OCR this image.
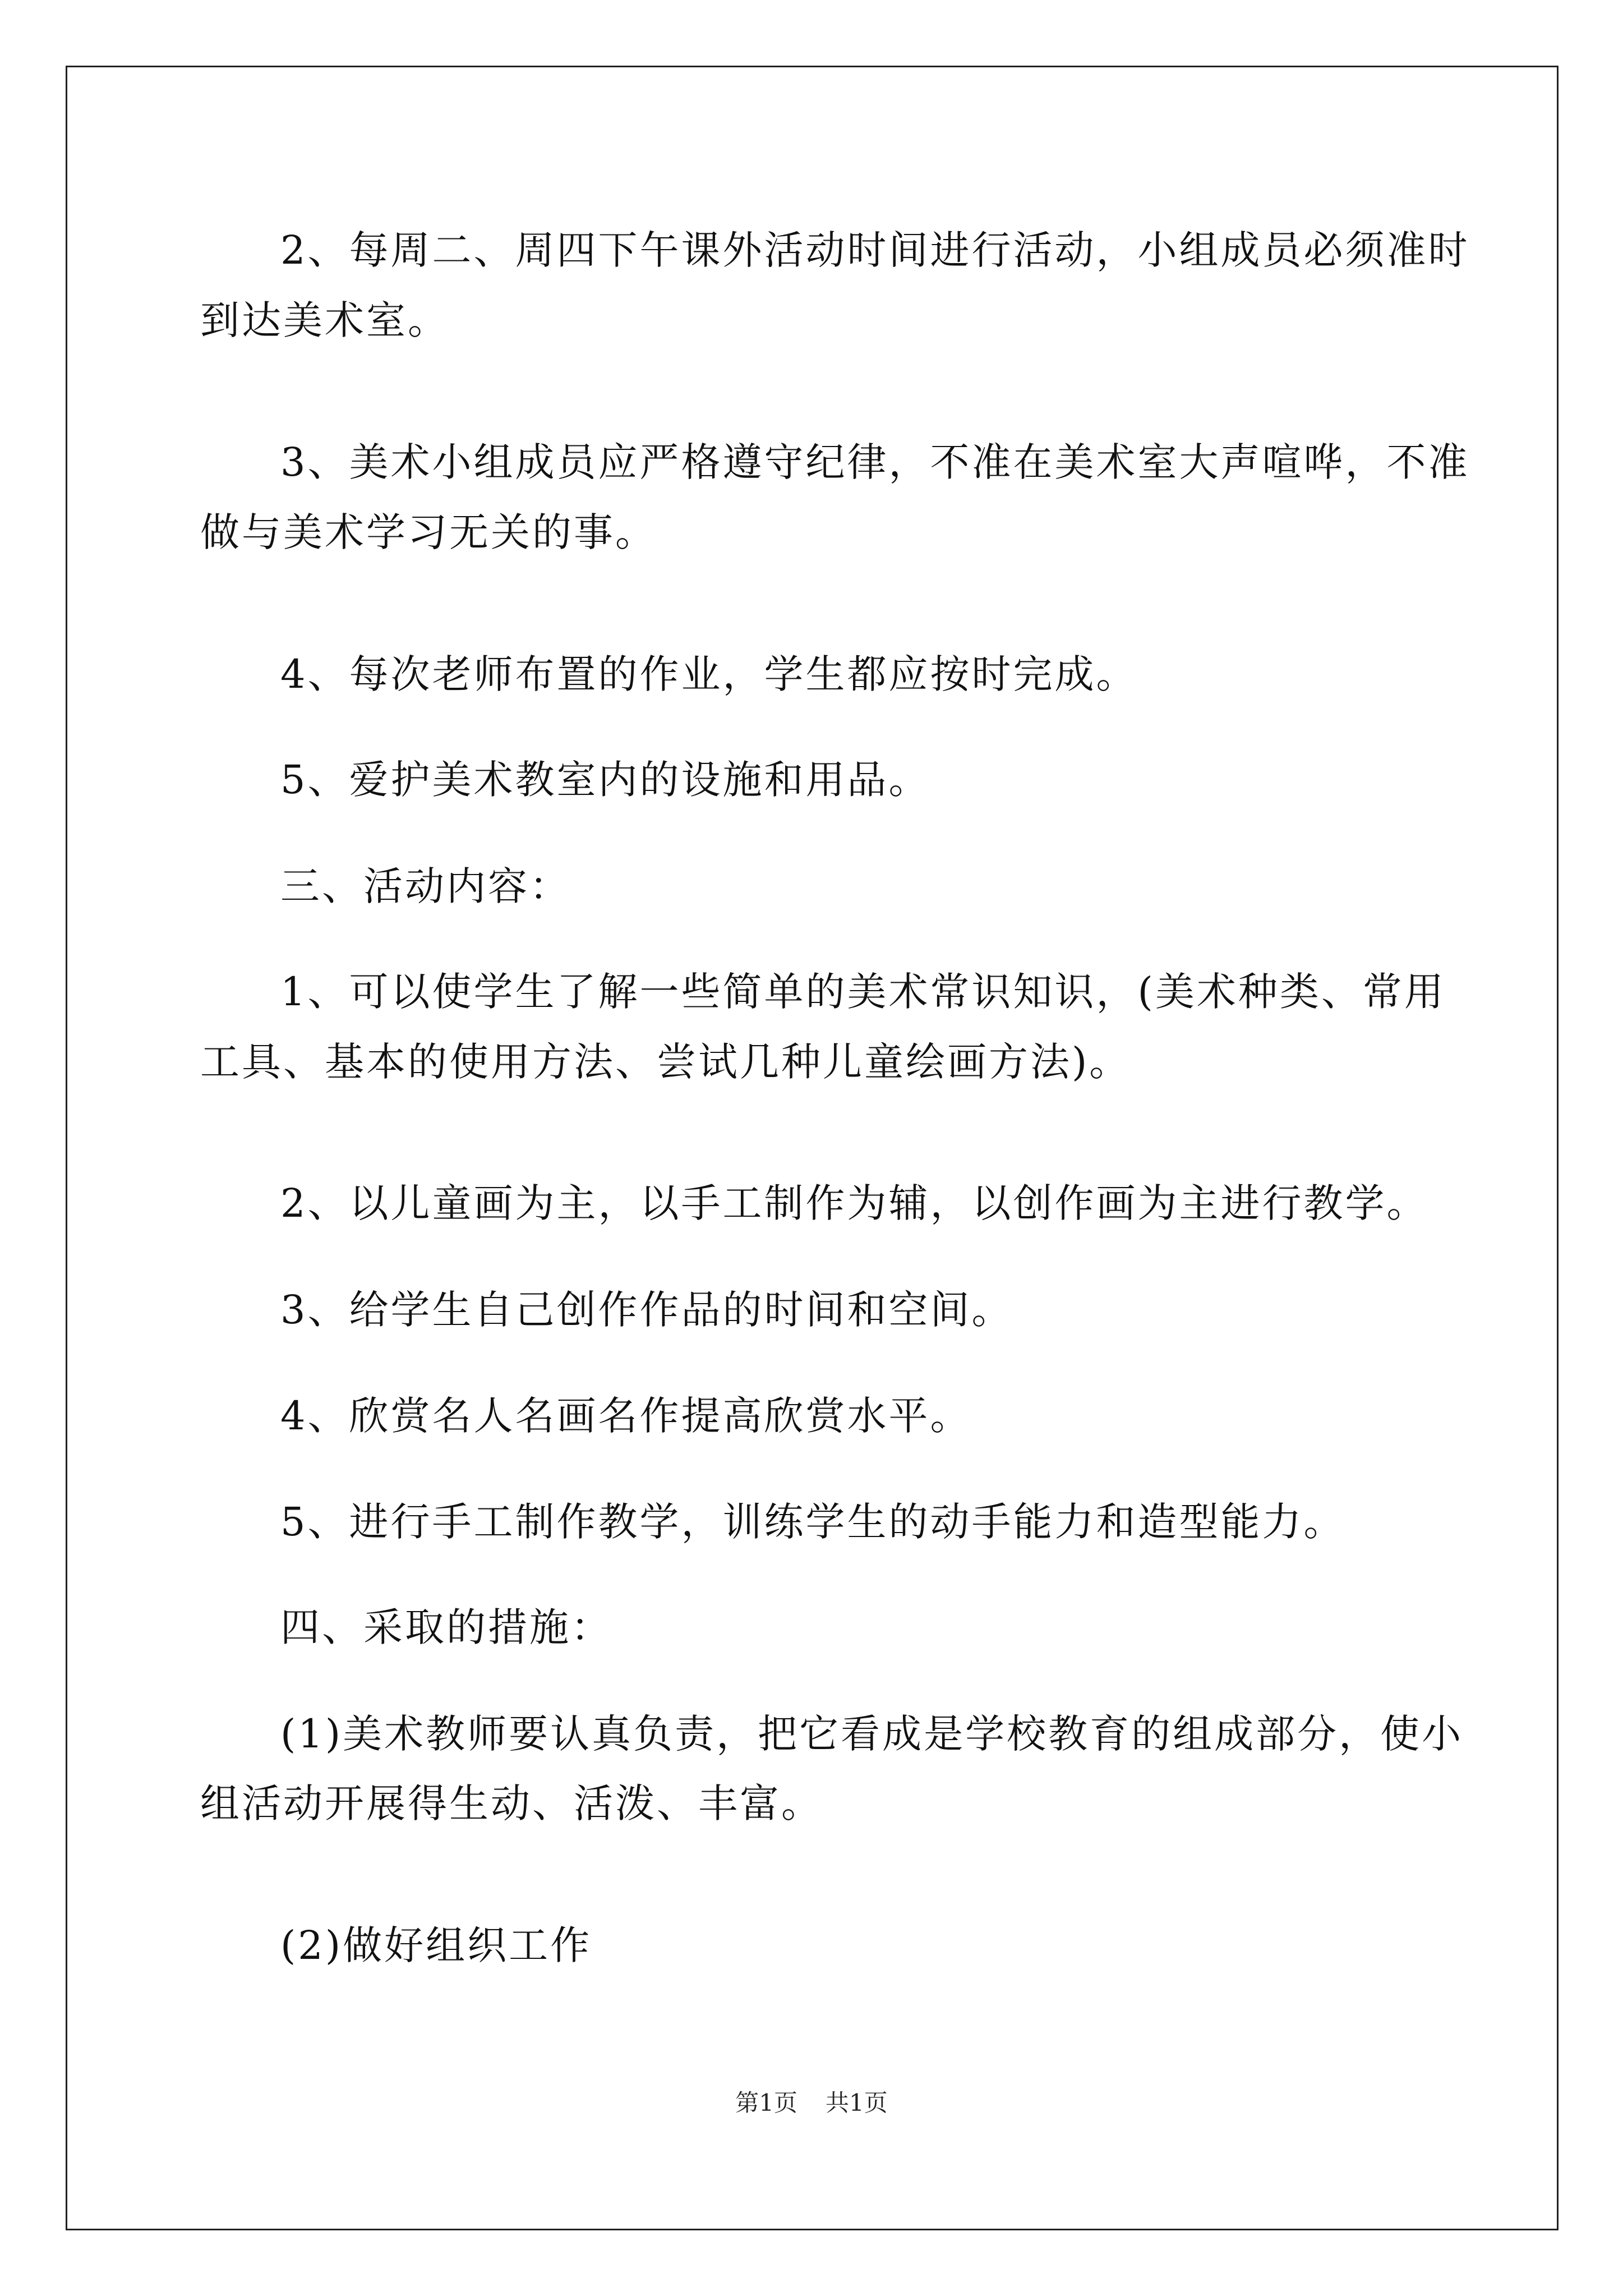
2、每周二、周四下午课外活动时间进行活动，小组成员必须准时

到达美术室。

3、美术小组成员应严格遵守纪律，不准在美术室大声喧哗，不准

做与美术学习无关的事。

4、每次老师布置的作业，学生都应按时完成。

5、爱护美术教室内的设施和用品。

三、活动内容：

1、可以使学生了解一些简单的美术常识知识，(美术种类、常用

工具、基本的使用方法、尝试几种儿童绘画方法)。

2、以儿童画为主，以手工制作为辅，以创作画为主进行教学。

3、给学生自己创作作品的时间和空间。

4、欣赏名人名画名作提高欣赏水平。

5、进行手工制作教学，训练学生的动手能力和造型能力。

四、采取的措施：

(1)美术教师要认真负责，把它看成是学校教育的组成部分，使小

组活动开展得生动、活泼、丰富。

(2)做好组织工作

第1页 共1页
